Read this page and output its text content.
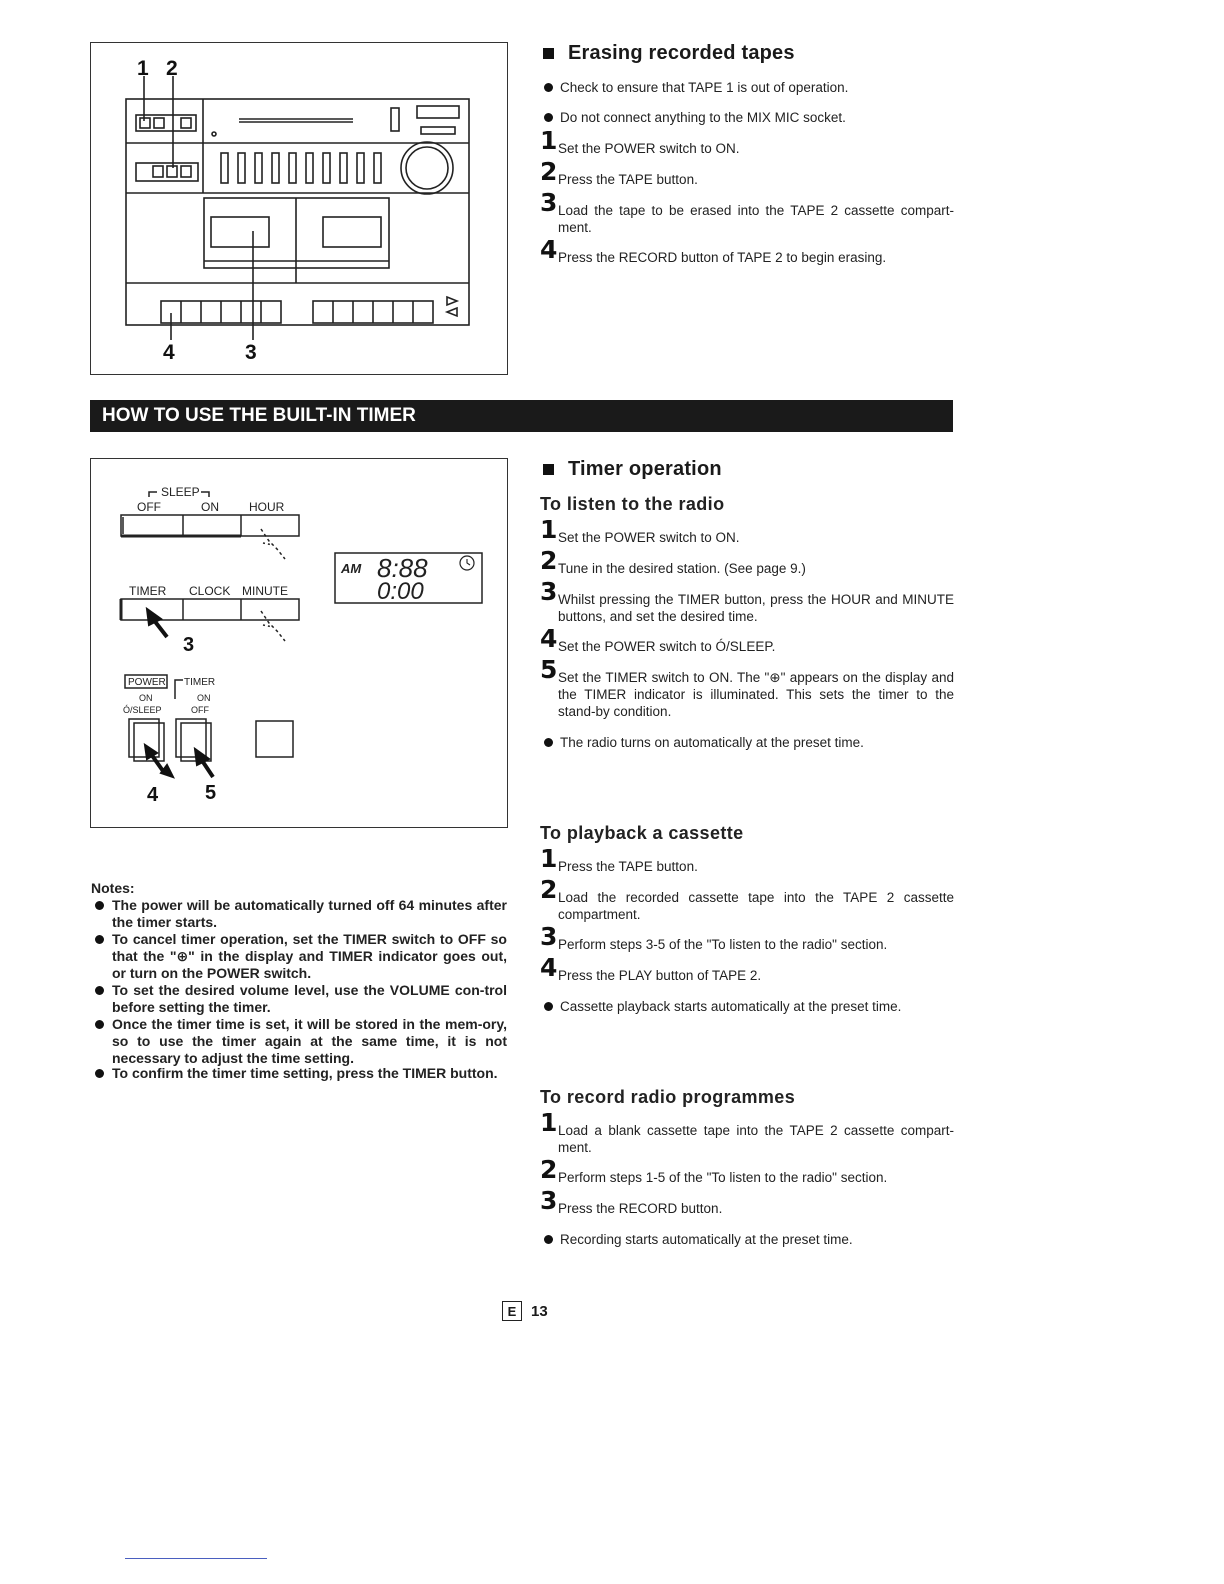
1 2
4	3
Erasing recorded tapes
Check to ensure that TAPE 1 is out of operation.
Do not connect anything to the MIX MIC socket.
1 Set the POWER switch to ON.
2 Press the TAPE button.
3 Load the tape to be erased into the TAPE 2 cassette compart-ment.
4 Press the RECORD button of TAPE 2 to begin erasing.
HOW TO USE THE BUILT-IN TIMER
SLEEP
OFF	ON	HOUR
TIMER CLOCK MINUTE
3
POWER TIMER
ON
Ó/SLEEP
ON
OFF
4 5
AM 8:88
0:00
Notes:
The power will be automatically turned off 64 minutes after the timer starts.
To cancel timer operation, set the TIMER switch to OFF so that the "⊕" in the display and TIMER indicator goes out, or turn on the POWER switch.
To set the desired volume level, use the VOLUME con-trol before setting the timer.
Once the timer time is set, it will be stored in the mem-ory, so to use the timer again at the same time, it is not necessary to adjust the time setting.
To confirm the timer time setting, press the TIMER button.
Timer operation
To listen to the radio
1 Set the POWER switch to ON.
2 Tune in the desired station. (See page 9.)
3 Whilst pressing the TIMER button, press the HOUR and MINUTE buttons, and set the desired time.
4 Set the POWER switch to Ó/SLEEP.
5 Set the TIMER switch to ON. The "⊕" appears on the display and the TIMER indicator is illuminated. This sets the timer to the stand-by condition.
The radio turns on automatically at the preset time.
To playback a cassette
1 Press the TAPE button.
2 Load the recorded cassette tape into the TAPE 2 cassette compartment.
3 Perform steps 3-5 of the "To listen to the radio" section.
4 Press the PLAY button of TAPE 2.
Cassette playback starts automatically at the preset time.
To record radio programmes
1 Load a blank cassette tape into the TAPE 2 cassette compart-ment.
2 Perform steps 1-5 of the "To listen to the radio" section.
3 Press the RECORD button.
Recording starts automatically at the preset time.
E 13
